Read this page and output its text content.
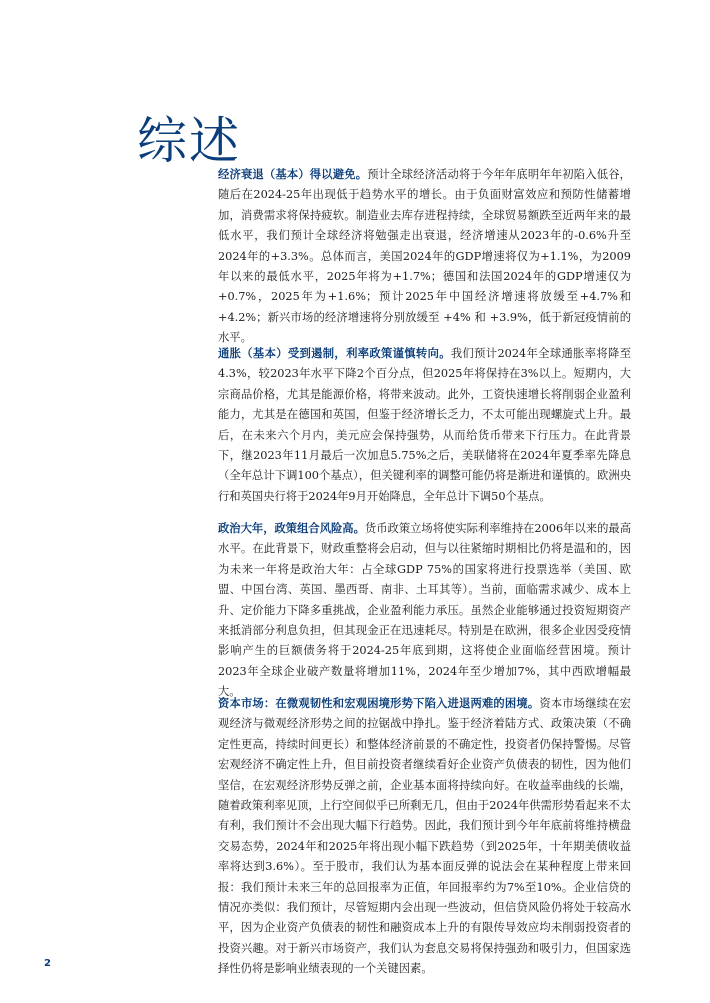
综述

经济衰退（基本）得以避免。预计全球经济活动将于今年年底明年年初陷入低谷，随后在2024-25年出现低于趋势水平的增长。由于负面财富效应和预防性储蓄增加，消费需求将保持疲软。制造业去库存进程持续，全球贸易额跌至近两年来的最低水平，我们预计全球经济将勉强走出衰退，经济增速从2023年的-0.6%升至2024年的+3.3%。总体而言，美国2024年的GDP增速将仅为+1.1%，为2009年以来的最低水平，2025年将为+1.7%；德国和法国2024年的GDP增速仅为+0.7%，2025年为+1.6%；预计2025年中国经济增速将放缓至+4.7%和+4.2%；新兴市场的经济增速将分别放缓至 +4% 和 +3.9%，低于新冠疫情前的水平。

通胀（基本）受到遏制，利率政策谨慎转向。我们预计2024年全球通胀率将降至4.3%，较2023年水平下降2个百分点，但2025年将保持在3%以上。短期内，大宗商品价格，尤其是能源价格，将带来波动。此外，工资快速增长将削弱企业盈利能力，尤其是在德国和英国，但鉴于经济增长乏力，不太可能出现螺旋式上升。最后，在未来六个月内，美元应会保持强势，从而给货币带来下行压力。在此背景下，继2023年11月最后一次加息5.75%之后，美联储将在2024年夏季率先降息（全年总计下调100个基点），但关键利率的调整可能仍将是渐进和谨慎的。欧洲央行和英国央行将于2024年9月开始降息，全年总计下调50个基点。

政治大年，政策组合风险高。货币政策立场将使实际利率维持在2006年以来的最高水平。在此背景下，财政重整将会启动，但与以往紧缩时期相比仍将是温和的，因为未来一年将是政治大年：占全球GDP 75%的国家将进行投票选举（美国、欧盟、中国台湾、英国、墨西哥、南非、土耳其等）。当前，面临需求减少、成本上升、定价能力下降多重挑战，企业盈利能力承压。虽然企业能够通过投资短期资产来抵消部分利息负担，但其现金正在迅速耗尽。特别是在欧洲，很多企业因受疫情影响产生的巨额债务将于2024-25年底到期，这将使企业面临经营困境。预计2023年全球企业破产数量将增加11%，2024年至少增加7%，其中西欧增幅最大。

资本市场：在微观韧性和宏观困境形势下陷入进退两难的困境。资本市场继续在宏观经济与微观经济形势之间的拉锯战中挣扎。鉴于经济着陆方式、政策决策（不确定性更高，持续时间更长）和整体经济前景的不确定性，投资者仍保持警惕。尽管宏观经济不确定性上升，但目前投资者继续看好企业资产负债表的韧性，因为他们坚信，在宏观经济形势反弹之前，企业基本面将持续向好。在收益率曲线的长端，随着政策利率见顶，上行空间似乎已所剩无几，但由于2024年供需形势看起来不太有利，我们预计不会出现大幅下行趋势。因此，我们预计到今年年底前将维持横盘交易态势，2024年和2025年将出现小幅下跌趋势（到2025年，十年期美债收益率将达到3.6%）。至于股市，我们认为基本面反弹的说法会在某种程度上带来回报：我们预计未来三年的总回报率为正值，年回报率约为7%至10%。企业信贷的情况亦类似：我们预计，尽管短期内会出现一些波动，但信贷风险仍将处于较高水平，因为企业资产负债表的韧性和融资成本上升的有限传导效应均未削弱投资者的投资兴趣。对于新兴市场资产，我们认为套息交易将保持强劲和吸引力，但国家选择性仍将是影响业绩表现的一个关键因素。

2
